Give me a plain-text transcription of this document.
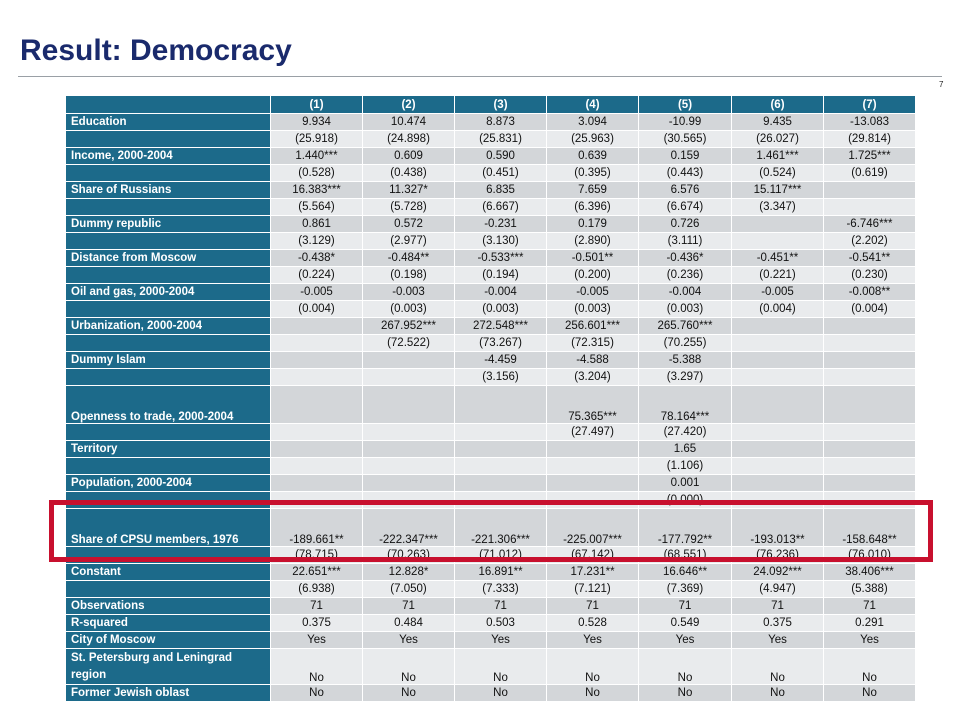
Result: Democracy
7
	(1)	(2)	(3)	(4)	(5)	(6)	(7)
Education	9.934	10.474	8.873	3.094	-10.99	9.435	-13.083
	(25.918)	(24.898)	(25.831)	(25.963)	(30.565)	(26.027)	(29.814)
Income, 2000-2004	1.440***	0.609	0.590	0.639	0.159	1.461***	1.725***
	(0.528)	(0.438)	(0.451)	(0.395)	(0.443)	(0.524)	(0.619)
Share of Russians	16.383***	11.327*	6.835	7.659	6.576	15.117***	
	(5.564)	(5.728)	(6.667)	(6.396)	(6.674)	(3.347)	
Dummy republic	0.861	0.572	-0.231	0.179	0.726		-6.746***
	(3.129)	(2.977)	(3.130)	(2.890)	(3.111)		(2.202)
Distance from Moscow	-0.438*	-0.484**	-0.533***	-0.501**	-0.436*	-0.451**	-0.541**
	(0.224)	(0.198)	(0.194)	(0.200)	(0.236)	(0.221)	(0.230)
Oil and gas, 2000-2004	-0.005	-0.003	-0.004	-0.005	-0.004	-0.005	-0.008**
	(0.004)	(0.003)	(0.003)	(0.003)	(0.003)	(0.004)	(0.004)
Urbanization, 2000-2004		267.952***	272.548***	256.601***	265.760***		
		(72.522)	(73.267)	(72.315)	(70.255)		
Dummy Islam			-4.459	-4.588	-5.388		
			(3.156)	(3.204)	(3.297)		
Openness to trade, 2000-2004				75.365***	78.164***		
				(27.497)	(27.420)		
Territory					1.65		
					(1.106)		
Population, 2000-2004					0.001		
					(0.000)		
Share of CPSU members, 1976	-189.661**	-222.347***	-221.306***	-225.007***	-177.792**	-193.013**	-158.648**
	(78.715)	(70.263)	(71.012)	(67.142)	(68.551)	(76.236)	(76.010)
Constant	22.651***	12.828*	16.891**	17.231**	16.646**	24.092***	38.406***
	(6.938)	(7.050)	(7.333)	(7.121)	(7.369)	(4.947)	(5.388)
Observations	71	71	71	71	71	71	71
R-squared	0.375	0.484	0.503	0.528	0.549	0.375	0.291
City of Moscow	Yes	Yes	Yes	Yes	Yes	Yes	Yes
St. Petersburg and Leningrad region	No	No	No	No	No	No	No
Former Jewish oblast	No	No	No	No	No	No	No
